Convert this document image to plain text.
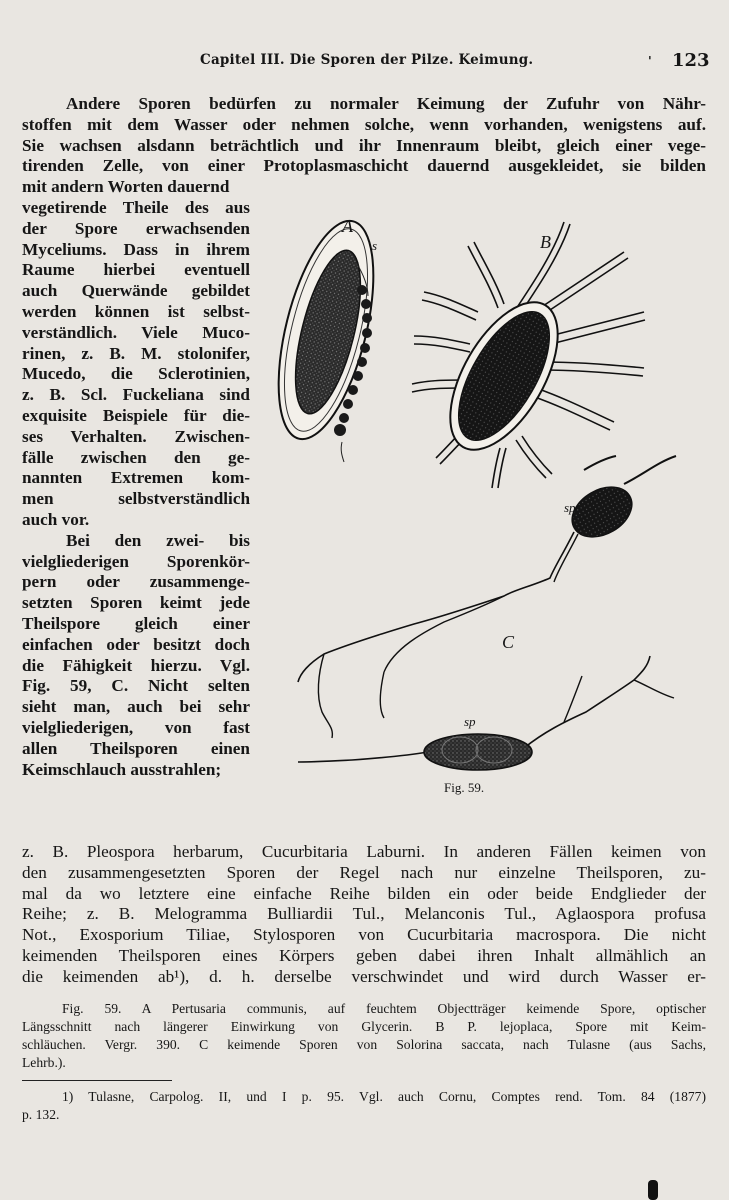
Capitel III. Die Sporen der Pilze. Keimung.	' 123
Andere Sporen bedürfen zu normaler Keimung der Zufuhr von Nähr-
stoffen mit dem Wasser oder nehmen solche, wenn vorhanden, wenigstens auf.
Sie wachsen alsdann beträchtlich und ihr Innenraum bleibt, gleich einer vege-
tirenden Zelle, von einer Protoplasmaschicht dauernd ausgekleidet, sie bilden
mit andern Worten dauernd
vegetirende Theile des aus
der Spore erwachsenden
Myceliums. Dass in ihrem
Raume hierbei eventuell
auch Querwände gebildet
werden können ist selbst-
verständlich. Viele Muco-
rinen, z. B. M. stolonifer,
Mucedo, die Sclerotinien,
z. B. Scl. Fuckeliana sind
exquisite Beispiele für die-
ses Verhalten. Zwischen-
fälle zwischen den ge-
nannten Extremen kom-
men selbstverständlich
auch vor.
Bei den zwei- bis
vielgliederigen Sporenkör-
pern oder zusammenge-
setzten Sporen keimt jede
Theilspore gleich einer
einfachen oder besitzt doch
die Fähigkeit hierzu. Vgl.
Fig. 59, C. Nicht selten
sieht man, auch bei sehr
vielgliederigen, von fast
allen Theilsporen einen
Keimschlauch ausstrahlen;
A
s	B
sp
C
sp
Fig. 59.
z. B. Pleospora herbarum, Cucurbitaria Laburni. In anderen Fällen keimen von
den zusammengesetzten Sporen der Regel nach nur einzelne Theilsporen, zu-
mal da wo letztere eine einfache Reihe bilden ein oder beide Endglieder der
Reihe; z. B. Melogramma Bulliardii Tul., Melanconis Tul., Aglaospora profusa
Not., Exosporium Tiliae, Stylosporen von Cucurbitaria macrospora. Die nicht
keimenden Theilsporen eines Körpers geben dabei ihren Inhalt allmählich an
die keimenden ab¹), d. h. derselbe verschwindet und wird durch Wasser er-
Fig. 59. A Pertusaria communis, auf feuchtem Objectträger keimende Spore, optischer
Längsschnitt nach längerer Einwirkung von Glycerin. B P. lejoplaca, Spore mit Keim-
schläuchen. Vergr. 390. C keimende Sporen von Solorina saccata, nach Tulasne (aus Sachs,
Lehrb.).
1) Tulasne, Carpolog. II, und I p. 95. Vgl. auch Cornu, Comptes rend. Tom. 84 (1877)
p. 132.
